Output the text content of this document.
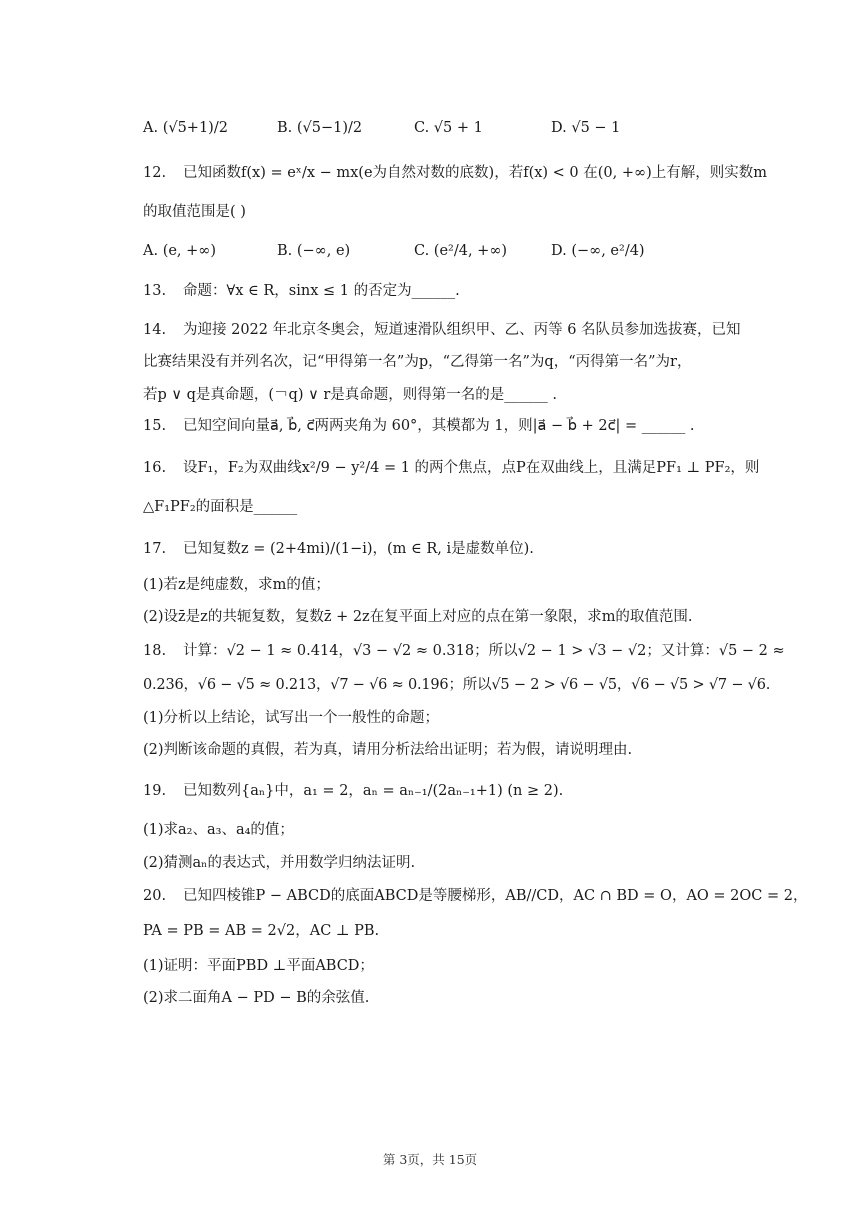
A. (√5+1)/2	B. (√5−1)/2	C. √5 + 1	D. √5 − 1
12. 已知函数f(x) = eˣ/x − mx(e为自然对数的底数)，若f(x) < 0 在(0, +∞)上有解，则实数m
的取值范围是( )
A. (e, +∞)	B. (−∞, e)	C. (e²/4, +∞)	D. (−∞, e²/4)
13. 命题：∀x ∈ R，sinx ≤ 1 的否定为______.
14. 为迎接 2022 年北京冬奥会，短道速滑队组织甲、乙、丙等 6 名队员参加选拔赛，已知
比赛结果没有并列名次，记“甲得第一名”为p，“乙得第一名”为q，“丙得第一名”为r，
若p ∨ q是真命题，(￢q) ∨ r是真命题，则得第一名的是______ .
15. 已知空间向量a⃗, b⃗, c⃗两两夹角为 60°，其模都为 1，则|a⃗ − b⃗ + 2c⃗| = ______ .
16. 设F₁，F₂为双曲线x²/9 − y²/4 = 1 的两个焦点，点P在双曲线上，且满足PF₁ ⊥ PF₂，则
△F₁PF₂的面积是______
17. 已知复数z = (2+4mi)/(1−i)，(m ∈ R, i是虚数单位).
(1)若z是纯虚数，求m的值；
(2)设z̄是z的共轭复数，复数z̄ + 2z在复平面上对应的点在第一象限，求m的取值范围.
18. 计算：√2 − 1 ≈ 0.414，√3 − √2 ≈ 0.318；所以√2 − 1 > √3 − √2；又计算：√5 − 2 ≈
0.236，√6 − √5 ≈ 0.213，√7 − √6 ≈ 0.196；所以√5 − 2 > √6 − √5，√6 − √5 > √7 − √6.
(1)分析以上结论，试写出一个一般性的命题；
(2)判断该命题的真假，若为真，请用分析法给出证明；若为假，请说明理由.
19. 已知数列{aₙ}中，a₁ = 2，aₙ = aₙ₋₁/(2aₙ₋₁+1) (n ≥ 2).
(1)求a₂、a₃、a₄的值；
(2)猜测aₙ的表达式，并用数学归纳法证明.
20. 已知四棱锥P − ABCD的底面ABCD是等腰梯形，AB//CD，AC ∩ BD = O，AO = 2OC = 2，
PA = PB = AB = 2√2，AC ⊥ PB.
(1)证明：平面PBD ⊥平面ABCD；
(2)求二面角A − PD − B的余弦值.
第 3页，共 15页
